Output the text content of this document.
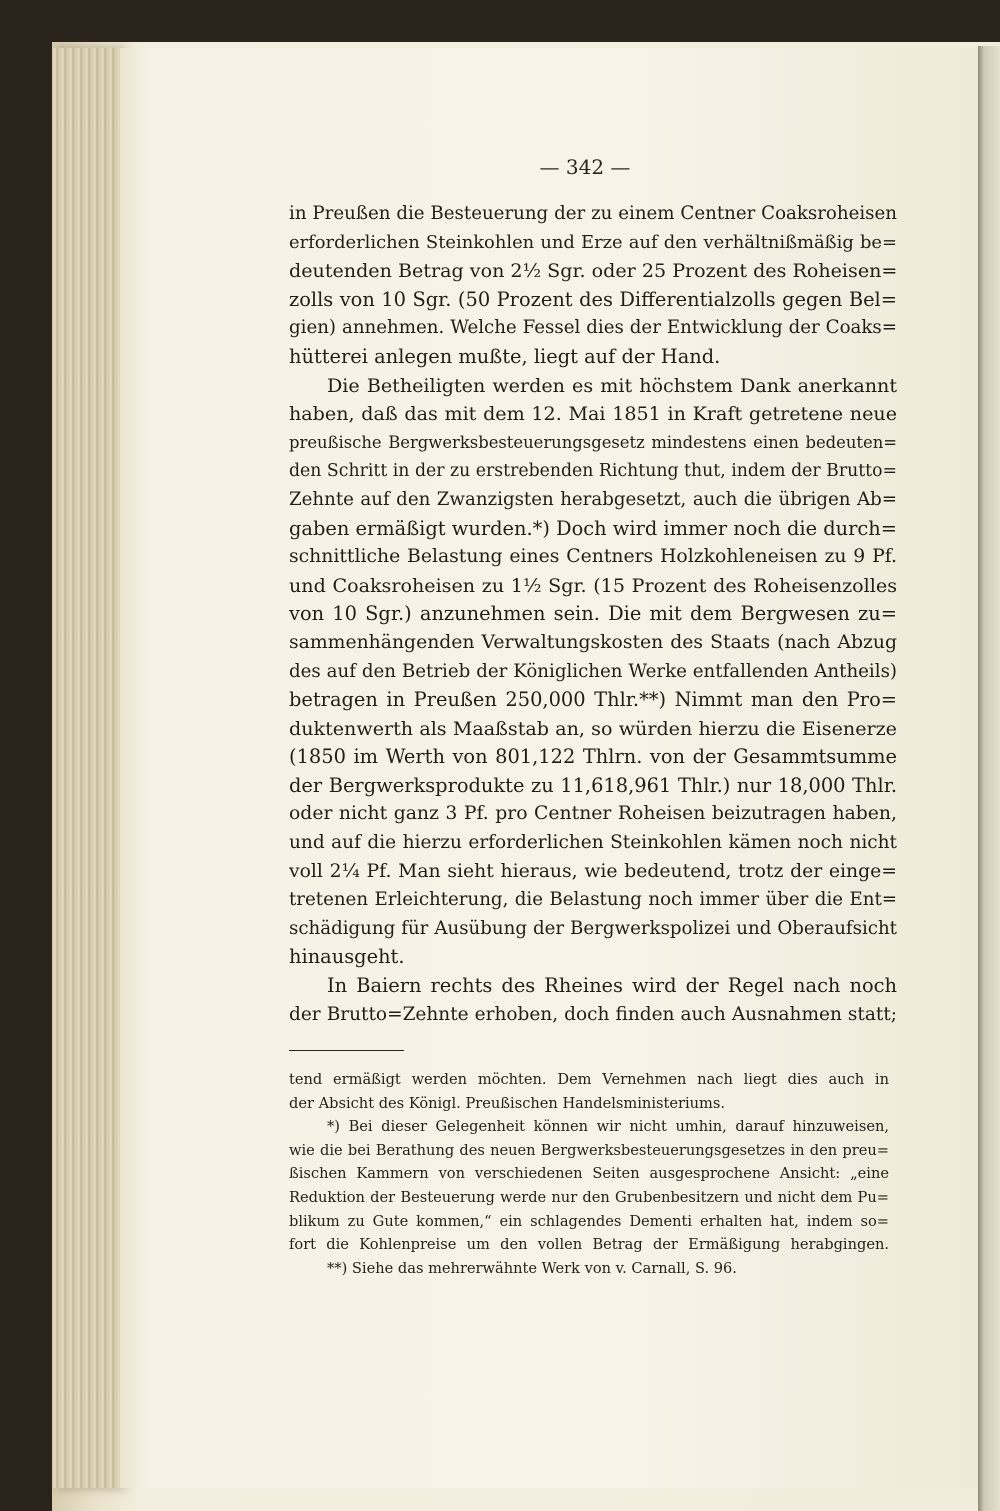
— 342 —
in Preußen die Besteuerung der zu einem Centner Coaksroheisen
erforderlichen Steinkohlen und Erze auf den verhältnißmäßig be=
deutenden Betrag von 2½ Sgr. oder 25 Prozent des Roheisen=
zolls von 10 Sgr. (50 Prozent des Differentialzolls gegen Bel=
gien) annehmen. Welche Fessel dies der Entwicklung der Coaks=
hütterei anlegen mußte, liegt auf der Hand.
Die Betheiligten werden es mit höchstem Dank anerkannt
haben, daß das mit dem 12. Mai 1851 in Kraft getretene neue
preußische Bergwerksbesteuerungsgesetz mindestens einen bedeuten=
den Schritt in der zu erstrebenden Richtung thut, indem der Brutto=
Zehnte auf den Zwanzigsten herabgesetzt, auch die übrigen Ab=
gaben ermäßigt wurden.*) Doch wird immer noch die durch=
schnittliche Belastung eines Centners Holzkohleneisen zu 9 Pf.
und Coaksroheisen zu 1½ Sgr. (15 Prozent des Roheisenzolles
von 10 Sgr.) anzunehmen sein. Die mit dem Bergwesen zu=
sammenhängenden Verwaltungskosten des Staats (nach Abzug
des auf den Betrieb der Königlichen Werke entfallenden Antheils)
betragen in Preußen 250,000 Thlr.**) Nimmt man den Pro=
duktenwerth als Maaßstab an, so würden hierzu die Eisenerze
(1850 im Werth von 801,122 Thlrn. von der Gesammtsumme
der Bergwerksprodukte zu 11,618,961 Thlr.) nur 18,000 Thlr.
oder nicht ganz 3 Pf. pro Centner Roheisen beizutragen haben,
und auf die hierzu erforderlichen Steinkohlen kämen noch nicht
voll 2¼ Pf. Man sieht hieraus, wie bedeutend, trotz der einge=
tretenen Erleichterung, die Belastung noch immer über die Ent=
schädigung für Ausübung der Bergwerkspolizei und Oberaufsicht
hinausgeht.
In Baiern rechts des Rheines wird der Regel nach noch
der Brutto=Zehnte erhoben, doch finden auch Ausnahmen statt;
tend ermäßigt werden möchten. Dem Vernehmen nach liegt dies auch in
der Absicht des Königl. Preußischen Handelsministeriums.
*) Bei dieser Gelegenheit können wir nicht umhin, darauf hinzuweisen,
wie die bei Berathung des neuen Bergwerksbesteuerungsgesetzes in den preu=
ßischen Kammern von verschiedenen Seiten ausgesprochene Ansicht: „eine
Reduktion der Besteuerung werde nur den Grubenbesitzern und nicht dem Pu=
blikum zu Gute kommen,“ ein schlagendes Dementi erhalten hat, indem so=
fort die Kohlenpreise um den vollen Betrag der Ermäßigung herabgingen.
**) Siehe das mehrerwähnte Werk von v. Carnall, S. 96.
